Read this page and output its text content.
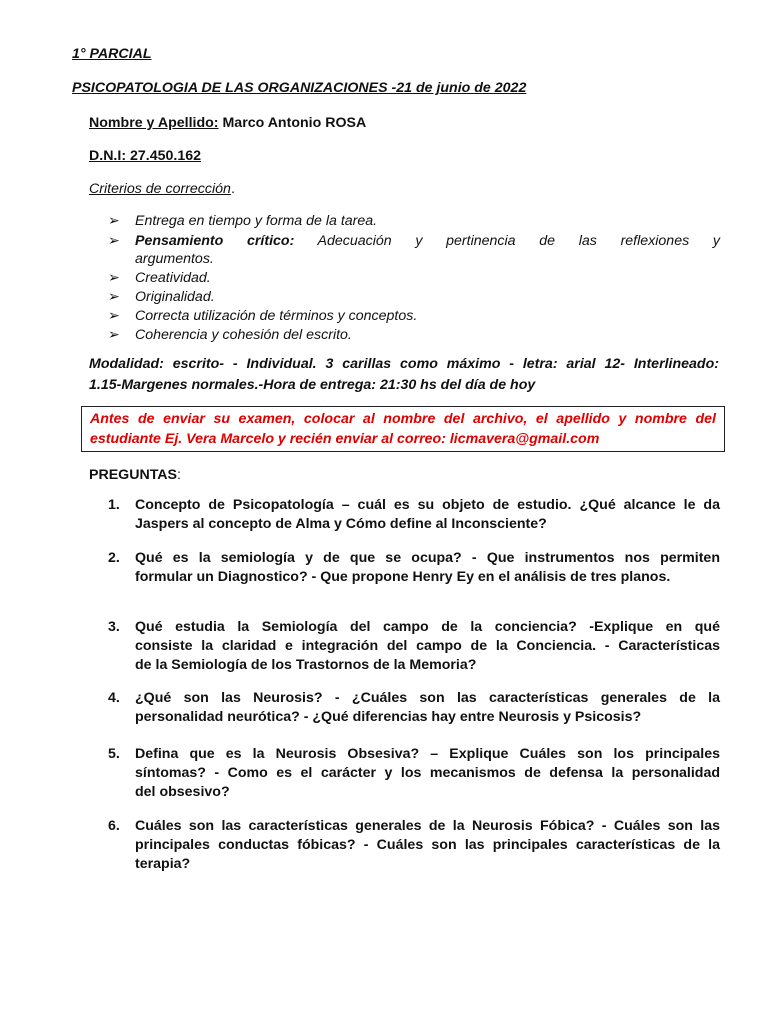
1° PARCIAL
PSICOPATOLOGIA DE LAS ORGANIZACIONES -21 de junio de 2022
Nombre y Apellido: Marco Antonio ROSA
D.N.I: 27.450.162
Criterios de corrección.
➢	Entrega en tiempo y forma de la tarea.
➢	Pensamiento crítico: Adecuación y pertinencia de las reflexiones y
argumentos.
➢	Creatividad.
➢	Originalidad.
➢	Correcta utilización de términos y conceptos.
➢	Coherencia y cohesión del escrito.
Modalidad: escrito- - Individual. 3 carillas como máximo - letra: arial 12- Interlineado:
1.15-Margenes normales.-Hora de entrega: 21:30 hs del día de hoy
Antes de enviar su examen, colocar al nombre del archivo, el apellido y nombre del
estudiante Ej. Vera Marcelo y recién enviar al correo: licmavera@gmail.com
PREGUNTAS:
1. Concepto de Psicopatología – cuál es su objeto de estudio. ¿Qué alcance le da
Jaspers al concepto de Alma y Cómo define al Inconsciente?
2. Qué es la semiología y de que se ocupa? - Que instrumentos nos permiten
formular un Diagnostico? - Que propone Henry Ey en el análisis de tres planos.
3. Qué estudia la Semiología del campo de la conciencia? -Explique en qué
consiste la claridad e integración del campo de la Conciencia. - Características
de la Semiología de los Trastornos de la Memoria?
4. ¿Qué son las Neurosis? - ¿Cuáles son las características generales de la
personalidad neurótica? - ¿Qué diferencias hay entre Neurosis y Psicosis?
5. Defina que es la Neurosis Obsesiva? – Explique Cuáles son los principales
síntomas? - Como es el carácter y los mecanismos de defensa la personalidad
del obsesivo?
6. Cuáles son las características generales de la Neurosis Fóbica? - Cuáles son las
principales conductas fóbicas? - Cuáles son las principales características de la
terapia?
